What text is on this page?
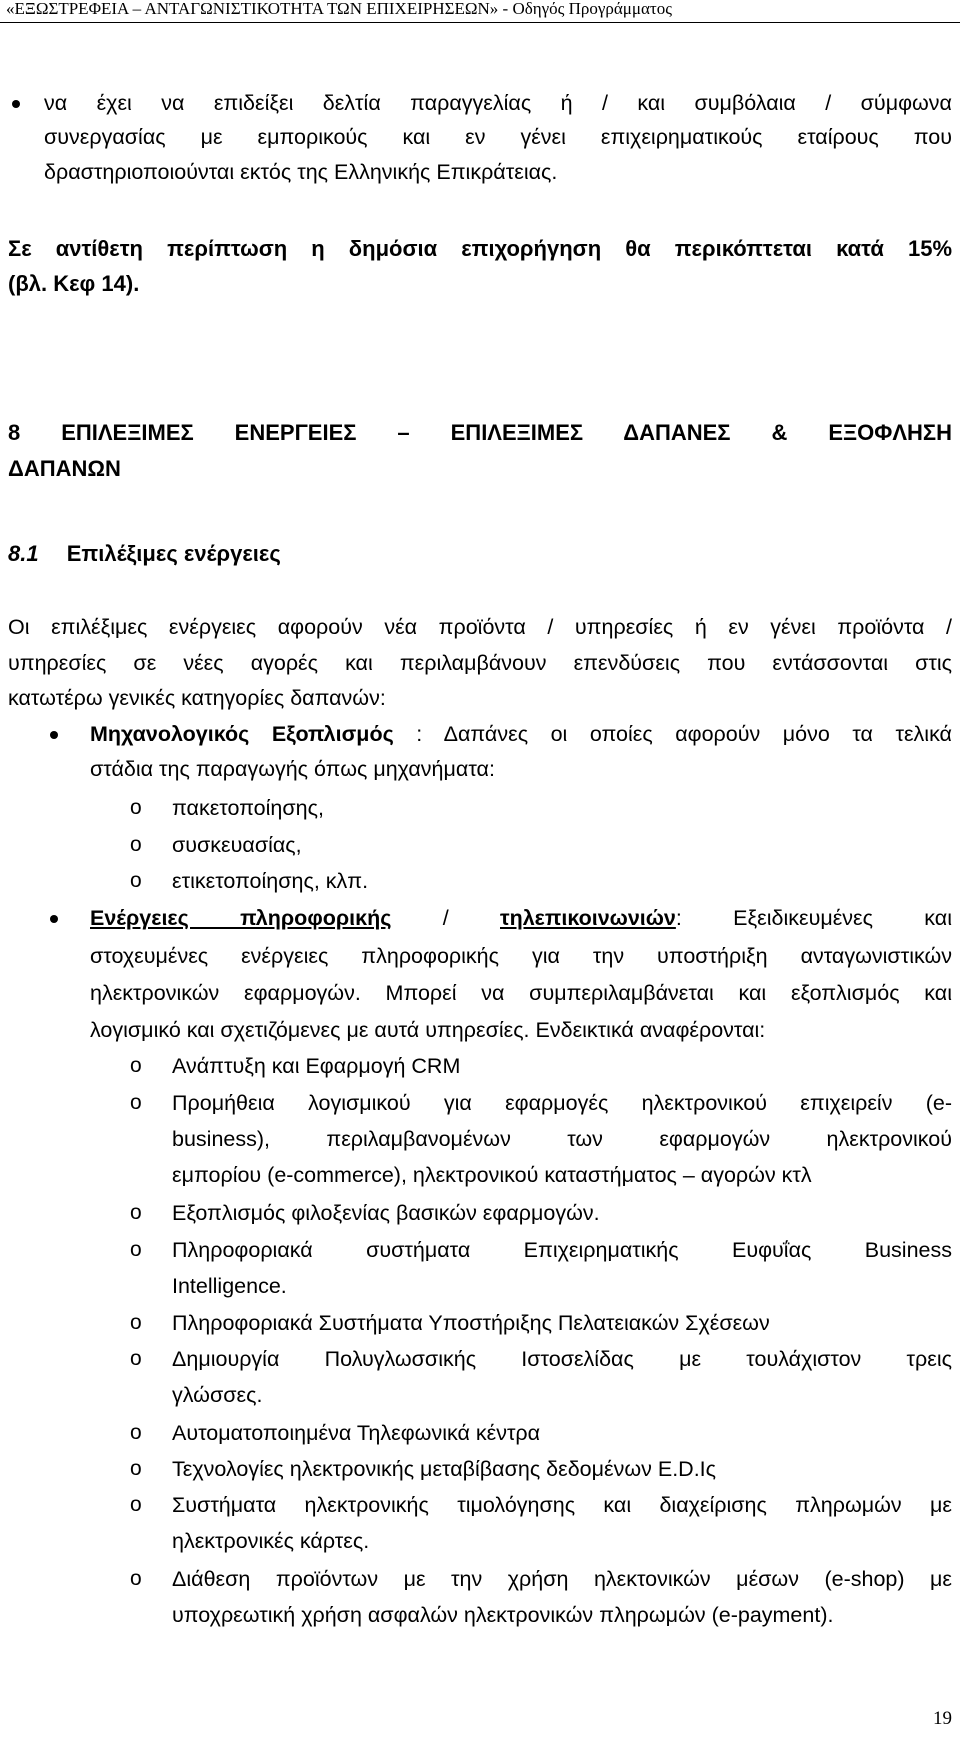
«ΕΞΩΣΤΡΕΦΕΙΑ – ΑΝΤΑΓΩΝΙΣΤΙΚΟΤΗΤΑ ΤΩΝ ΕΠΙΧΕΙΡΗΣΕΩΝ» - Οδηγός Προγράμματος
να έχει να επιδείξει δελτία παραγγελίας ή / και συμβόλαια / σύμφωνα
συνεργασίας με εμπορικούς και εν γένει επιχειρηματικούς εταίρους που
δραστηριοποιούνται εκτός της Ελληνικής Επικράτειας.
Σε αντίθετη περίπτωση η δημόσια επιχορήγηση θα περικόπτεται κατά 15%
(βλ. Κεφ 14).
8 ΕΠΙΛΕΞΙΜΕΣ ΕΝΕΡΓΕΙΕΣ – ΕΠΙΛΕΞΙΜΕΣ ΔΑΠΑΝΕΣ & ΕΞΟΦΛΗΣΗ
ΔΑΠΑΝΩΝ
8.1 Επιλέξιμες ενέργειες
Οι επιλέξιμες ενέργειες αφορούν νέα προϊόντα / υπηρεσίες ή εν γένει προϊόντα /
υπηρεσίες σε νέες αγορές και περιλαμβάνουν επενδύσεις που εντάσσονται στις
κατωτέρω γενικές κατηγορίες δαπανών:
Μηχανολογικός Εξοπλισμός : Δαπάνες οι οποίες αφορούν μόνο τα τελικά
στάδια της παραγωγής όπως μηχανήματα:
o πακετοποίησης,
o συσκευασίας,
o ετικετοποίησης, κλπ.
Ενέργειες πληροφορικής / τηλεπικοινωνιών: Εξειδικευμένες και
στοχευμένες ενέργειες πληροφορικής για την υποστήριξη ανταγωνιστικών
ηλεκτρονικών εφαρμογών. Μπορεί να συμπεριλαμβάνεται και εξοπλισμός και
λογισμικό και σχετιζόμενες με αυτά υπηρεσίες. Ενδεικτικά αναφέρονται:
o Ανάπτυξη και Εφαρμογή CRM
o Προμήθεια λογισμικού για εφαρμογές ηλεκτρονικού επιχειρείν (e-
business), περιλαμβανομένων των εφαρμογών ηλεκτρονικού
εμπορίου (e-commerce), ηλεκτρονικού καταστήματος – αγορών κτλ
o Εξοπλισμός φιλοξενίας βασικών εφαρμογών.
o Πληροφοριακά συστήματα Επιχειρηματικής Ευφυΐας Business
Intelligence.
o Πληροφοριακά Συστήματα Υποστήριξης Πελατειακών Σχέσεων
o Δημιουργία Πολυγλωσσικής Ιστοσελίδας με τουλάχιστον τρεις
γλώσσες.
o Αυτοματοποιημένα Τηλεφωνικά κέντρα
o Τεχνολογίες ηλεκτρονικής μεταβίβασης δεδομένων E.D.Iς
o Συστήματα ηλεκτρονικής τιμολόγησης και διαχείρισης πληρωμών με
ηλεκτρονικές κάρτες.
o Διάθεση προϊόντων με την χρήση ηλεκτονικών μέσων (e-shop) με
υποχρεωτική χρήση ασφαλών ηλεκτρονικών πληρωμών (e-payment).
19
